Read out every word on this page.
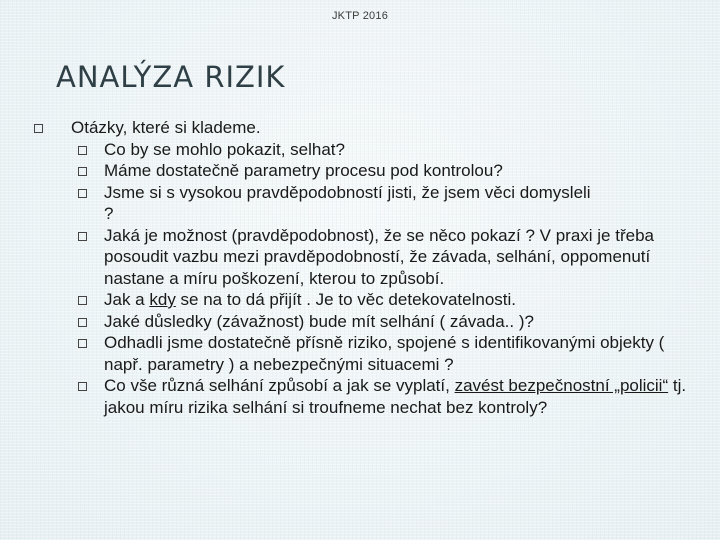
JKTP 2016
ANALÝZA RIZIK
Otázky, které si klademe.
Co by se mohlo pokazit, selhat?
Máme dostatečně parametry procesu pod kontrolou?
Jsme si s vysokou pravděpodobností jisti, že jsem věci domysleli
?
Jaká je možnost (pravděpodobnost), že se něco pokazí ? V praxi je třeba posoudit vazbu mezi pravděpodobností, že závada, selhání, oppomenutí nastane a míru poškození, kterou to způsobí.
Jak a kdy se na to dá přijít . Je to věc detekovatelnosti.
Jaké důsledky (závažnost) bude mít selhání ( závada.. )?
Odhadli jsme dostatečně přísně riziko, spojené s identifikovanými objekty ( např. parametry ) a nebezpečnými situacemi ?
Co vše různá selhání způsobí a jak se vyplatí, zavést bezpečnostní „policii“ tj. jakou míru rizika selhání si troufneme nechat bez kontroly?
